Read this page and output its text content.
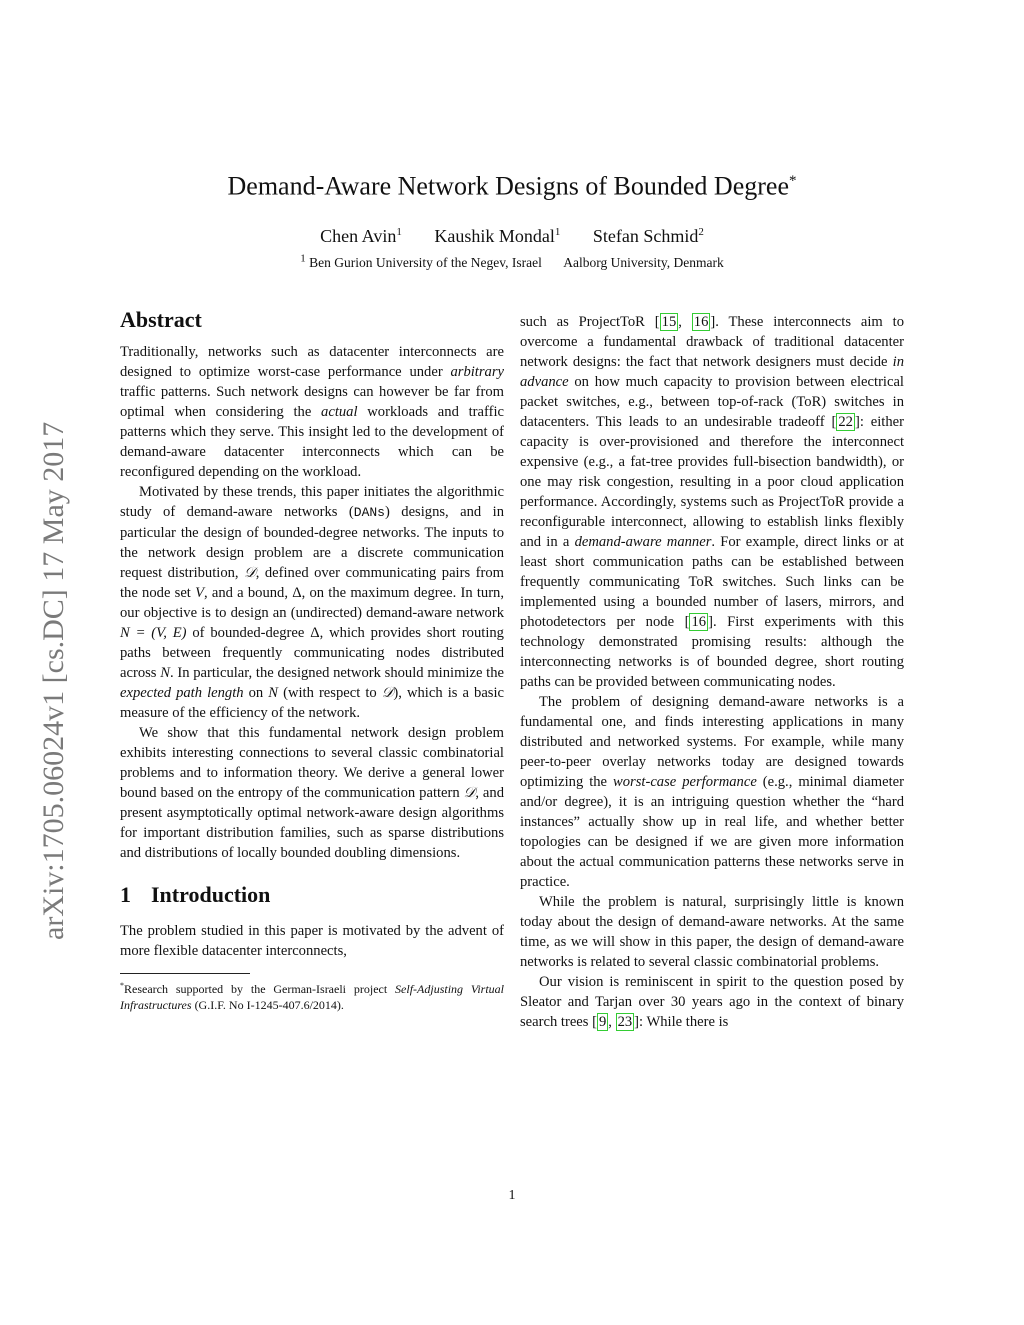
arXiv:1705.06024v1 [cs.DC] 17 May 2017
Demand-Aware Network Designs of Bounded Degree*
Chen Avin$^1$ Kaushik Mondal$^1$ Stefan Schmid$^2$
$^1$ Ben Gurion University of the Negev, Israel Aalborg University, Denmark
Abstract

Traditionally, networks such as datacenter interconnects are designed to optimize worst-case performance under arbitrary traffic patterns. Such network designs can however be far from optimal when considering the actual workloads and traffic patterns which they serve. This insight led to the development of demand-aware datacenter interconnects which can be reconfigured depending on the workload.

Motivated by these trends, this paper initiates the algorithmic study of demand-aware networks (DANs) designs, and in particular the design of bounded-degree networks. The inputs to the network design problem are a discrete communication request distribution, 𝒟, defined over communicating pairs from the node set V, and a bound, Δ, on the maximum degree. In turn, our objective is to design an (undirected) demand-aware network N = (V, E) of bounded-degree Δ, which provides short routing paths between frequently communicating nodes distributed across N. In particular, the designed network should minimize the expected path length on N (with respect to 𝒟), which is a basic measure of the efficiency of the network.

We show that this fundamental network design problem exhibits interesting connections to several classic combinatorial problems and to information theory. We derive a general lower bound based on the entropy of the communication pattern 𝒟, and present asymptotically optimal network-aware design algorithms for important distribution families, such as sparse distributions and distributions of locally bounded doubling dimensions.

1 Introduction

The problem studied in this paper is motivated by the advent of more flexible datacenter interconnects,

*Research supported by the German-Israeli project Self-Adjusting Virtual Infrastructures (G.I.F. No I-1245-407.6/2014).

such as ProjectToR [ 15 , 16 ]. These interconnects aim to overcome a fundamental drawback of traditional datacenter network designs: the fact that network designers must decide in advance on how much capacity to provision between electrical packet switches, e.g., between top-of-rack (ToR) switches in datacenters. This leads to an undesirable tradeoff [ 22 ]: either capacity is over-provisioned and therefore the interconnect expensive (e.g., a fat-tree provides full-bisection bandwidth), or one may risk congestion, resulting in a poor cloud application performance. Accordingly, systems such as ProjectToR provide a reconfigurable interconnect, allowing to establish links flexibly and in a demand-aware manner. For example, direct links or at least short communication paths can be established between frequently communicating ToR switches. Such links can be implemented using a bounded number of lasers, mirrors, and photodetectors per node [ 16 ]. First experiments with this technology demonstrated promising results: although the interconnecting networks is of bounded degree, short routing paths can be provided between communicating nodes.

The problem of designing demand-aware networks is a fundamental one, and finds interesting applications in many distributed and networked systems. For example, while many peer-to-peer overlay networks today are designed towards optimizing the worst-case performance (e.g., minimal diameter and/or degree), it is an intriguing question whether the “hard instances” actually show up in real life, and whether better topologies can be designed if we are given more information about the actual communication patterns these networks serve in practice.

While the problem is natural, surprisingly little is known today about the design of demand-aware networks. At the same time, as we will show in this paper, the design of demand-aware networks is related to several classic combinatorial problems.

Our vision is reminiscent in spirit to the question posed by Sleator and Tarjan over 30 years ago in the context of binary search trees [ 9 , 23 ]: While there is

1
